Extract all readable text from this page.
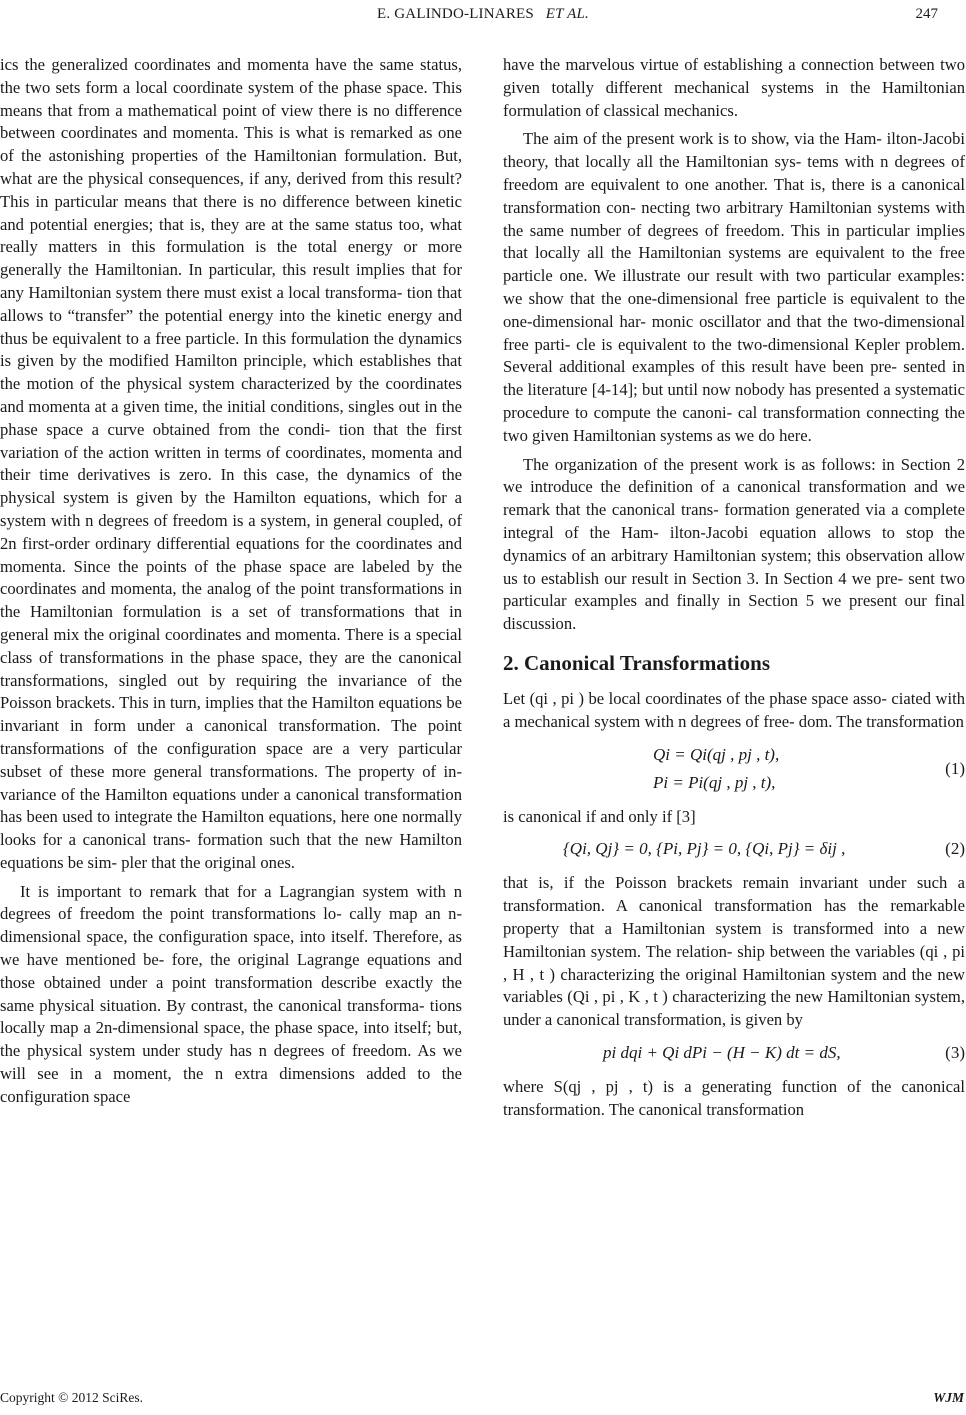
E. GALINDO-LINARES ET AL.	247

ics the generalized coordinates and momenta have the same status, the two sets form a local coordinate system of the phase space. This means that from a mathematical point of view there is no difference between coordinates and momenta. This is what is remarked as one of the astonishing properties of the Hamiltonian formulation. But, what are the physical consequences, if any, derived from this result? This in particular means that there is no difference between kinetic and potential energies; that is, they are at the same status too, what really matters in this formulation is the total energy or more generally the Hamiltonian. In particular, this result implies that for any Hamiltonian system there must exist a local transforma- tion that allows to “transfer” the potential energy into the kinetic energy and thus be equivalent to a free particle. In this formulation the dynamics is given by the modified Hamilton principle, which establishes that the motion of the physical system characterized by the coordinates and momenta at a given time, the initial conditions, singles out in the phase space a curve obtained from the condi- tion that the first variation of the action written in terms of coordinates, momenta and their time derivatives is zero. In this case, the dynamics of the physical system is given by the Hamilton equations, which for a system with n degrees of freedom is a system, in general coupled, of 2n first-order ordinary differential equations for the coordinates and momenta. Since the points of the phase space are labeled by the coordinates and momenta, the analog of the point transformations in the Hamiltonian formulation is a set of transformations that in general mix the original coordinates and momenta. There is a special class of transformations in the phase space, they are the canonical transformations, singled out by requiring the invariance of the Poisson brackets. This in turn, implies that the Hamilton equations be invariant in form under a canonical transformation. The point transformations of the configuration space are a very particular subset of these more general transformations. The property of in- variance of the Hamilton equations under a canonical transformation has been used to integrate the Hamilton equations, here one normally looks for a canonical trans- formation such that the new Hamilton equations be sim- pler that the original ones.

It is important to remark that for a Lagrangian system with n degrees of freedom the point transformations lo- cally map an n-dimensional space, the configuration space, into itself. Therefore, as we have mentioned be- fore, the original Lagrange equations and those obtained under a point transformation describe exactly the same physical situation. By contrast, the canonical transforma- tions locally map a 2n-dimensional space, the phase space, into itself; but, the physical system under study has n degrees of freedom. As we will see in a moment, the n extra dimensions added to the configuration space

have the marvelous virtue of establishing a connection between two given totally different mechanical systems in the Hamiltonian formulation of classical mechanics.

The aim of the present work is to show, via the Ham- ilton-Jacobi theory, that locally all the Hamiltonian sys- tems with n degrees of freedom are equivalent to one another. That is, there is a canonical transformation con- necting two arbitrary Hamiltonian systems with the same number of degrees of freedom. This in particular implies that locally all the Hamiltonian systems are equivalent to the free particle one. We illustrate our result with two particular examples: we show that the one-dimensional free particle is equivalent to the one-dimensional har- monic oscillator and that the two-dimensional free parti- cle is equivalent to the two-dimensional Kepler problem. Several additional examples of this result have been pre- sented in the literature [4-14]; but until now nobody has presented a systematic procedure to compute the canoni- cal transformation connecting the two given Hamiltonian systems as we do here.

The organization of the present work is as follows: in Section 2 we introduce the definition of a canonical transformation and we remark that the canonical trans- formation generated via a complete integral of the Ham- ilton-Jacobi equation allows to stop the dynamics of an arbitrary Hamiltonian system; this observation allow us to establish our result in Section 3. In Section 4 we pre- sent two particular examples and finally in Section 5 we present our final discussion.

2. Canonical Transformations

Let (qi , pi ) be local coordinates of the phase space asso- ciated with a mechanical system with n degrees of free- dom. The transformation

Qi = Qi(qj , pj , t),
Pi = Pi(qj , pj , t),
(1)

is canonical if and only if [3]

{Qi, Qj} = 0, {Pi, Pj} = 0, {Qi, Pj} = δij ,	(2)

that is, if the Poisson brackets remain invariant under such a transformation. A canonical transformation has the remarkable property that a Hamiltonian system is transformed into a new Hamiltonian system. The relation- ship between the variables (qi , pi , H , t ) characterizing the original Hamiltonian system and the new variables (Qi , pi , K , t ) characterizing the new Hamiltonian system, under a canonical transformation, is given by

pi dqi + Qi dPi − (H − K) dt = dS,	(3)

where S(qj , pj , t) is a generating function of the canonical transformation. The canonical transformation

Copyright © 2012 SciRes.	WJM
